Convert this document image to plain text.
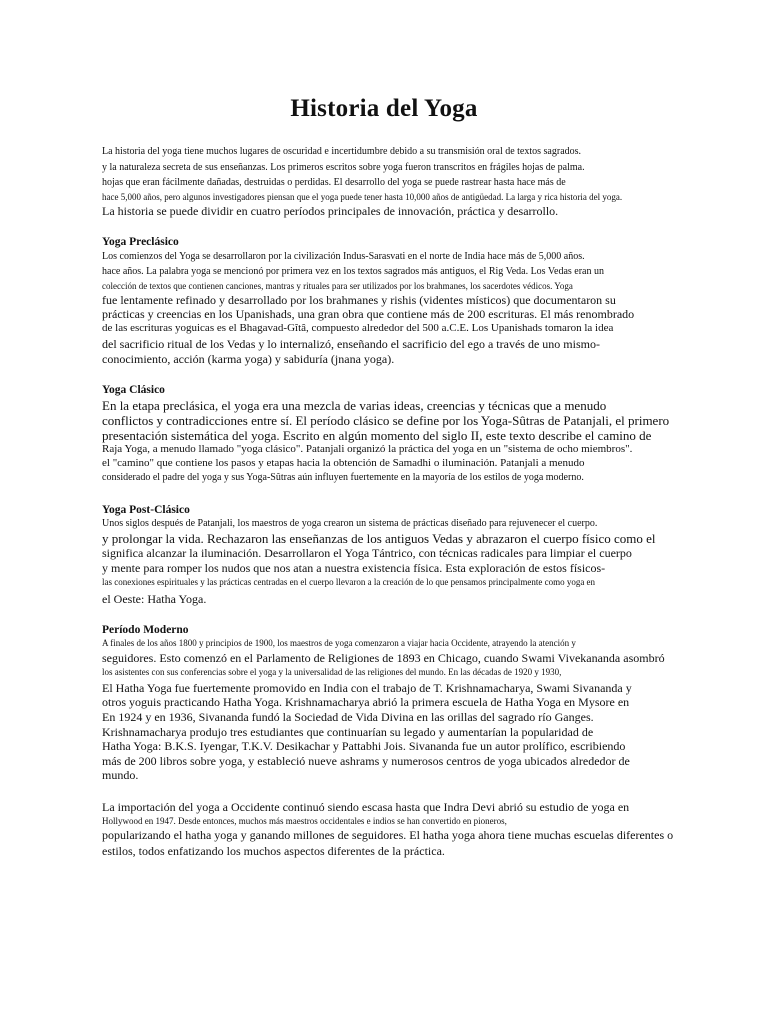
Historia del Yoga

La historia del yoga tiene muchos lugares de oscuridad e incertidumbre debido a su transmisión oral de textos sagrados.

y la naturaleza secreta de sus enseñanzas. Los primeros escritos sobre yoga fueron transcritos en frágiles hojas de palma.

hojas que eran fácilmente dañadas, destruidas o perdidas. El desarrollo del yoga se puede rastrear hasta hace más de

hace 5,000 años, pero algunos investigadores piensan que el yoga puede tener hasta 10,000 años de antigüedad. La larga y rica historia del yoga.

La historia se puede dividir en cuatro períodos principales de innovación, práctica y desarrollo.

Yoga Preclásico

Los comienzos del Yoga se desarrollaron por la civilización Indus-Sarasvati en el norte de India hace más de 5,000 años.

hace años. La palabra yoga se mencionó por primera vez en los textos sagrados más antiguos, el Rig Veda. Los Vedas eran un

colección de textos que contienen canciones, mantras y rituales para ser utilizados por los brahmanes, los sacerdotes védicos. Yoga

fue lentamente refinado y desarrollado por los brahmanes y rishis (videntes místicos) que documentaron su

prácticas y creencias en los Upanishads, una gran obra que contiene más de 200 escrituras. El más renombrado

de las escrituras yoguicas es el Bhagavad-Gîtâ, compuesto alrededor del 500 a.C.E. Los Upanishads tomaron la idea

del sacrificio ritual de los Vedas y lo internalizó, enseñando el sacrificio del ego a través de uno mismo-

conocimiento, acción (karma yoga) y sabiduría (jnana yoga).

Yoga Clásico

En la etapa preclásica, el yoga era una mezcla de varias ideas, creencias y técnicas que a menudo

conflictos y contradicciones entre sí. El período clásico se define por los Yoga-Sûtras de Patanjali, el primero

presentación sistemática del yoga. Escrito en algún momento del siglo II, este texto describe el camino de

Raja Yoga, a menudo llamado "yoga clásico". Patanjali organizó la práctica del yoga en un "sistema de ocho miembros".

el "camino" que contiene los pasos y etapas hacia la obtención de Samadhi o iluminación. Patanjali a menudo

considerado el padre del yoga y sus Yoga-Sûtras aún influyen fuertemente en la mayoría de los estilos de yoga moderno.

Yoga Post-Clásico

Unos siglos después de Patanjali, los maestros de yoga crearon un sistema de prácticas diseñado para rejuvenecer el cuerpo.

y prolongar la vida. Rechazaron las enseñanzas de los antiguos Vedas y abrazaron el cuerpo físico como el

significa alcanzar la iluminación. Desarrollaron el Yoga Tántrico, con técnicas radicales para limpiar el cuerpo

y mente para romper los nudos que nos atan a nuestra existencia física. Esta exploración de estos físicos-

las conexiones espirituales y las prácticas centradas en el cuerpo llevaron a la creación de lo que pensamos principalmente como yoga en

el Oeste: Hatha Yoga.

Período Moderno

A finales de los años 1800 y principios de 1900, los maestros de yoga comenzaron a viajar hacia Occidente, atrayendo la atención y

seguidores. Esto comenzó en el Parlamento de Religiones de 1893 en Chicago, cuando Swami Vivekananda asombró

los asistentes con sus conferencias sobre el yoga y la universalidad de las religiones del mundo. En las décadas de 1920 y 1930,

El Hatha Yoga fue fuertemente promovido en India con el trabajo de T. Krishnamacharya, Swami Sivananda y

otros yoguis practicando Hatha Yoga. Krishnamacharya abrió la primera escuela de Hatha Yoga en Mysore en

En 1924 y en 1936, Sivananda fundó la Sociedad de Vida Divina en las orillas del sagrado río Ganges.

Krishnamacharya produjo tres estudiantes que continuarían su legado y aumentarían la popularidad de

Hatha Yoga: B.K.S. Iyengar, T.K.V. Desikachar y Pattabhi Jois. Sivananda fue un autor prolífico, escribiendo

más de 200 libros sobre yoga, y estableció nueve ashrams y numerosos centros de yoga ubicados alrededor de

mundo.

La importación del yoga a Occidente continuó siendo escasa hasta que Indra Devi abrió su estudio de yoga en

Hollywood en 1947. Desde entonces, muchos más maestros occidentales e indios se han convertido en pioneros,

popularizando el hatha yoga y ganando millones de seguidores. El hatha yoga ahora tiene muchas escuelas diferentes o

estilos, todos enfatizando los muchos aspectos diferentes de la práctica.
